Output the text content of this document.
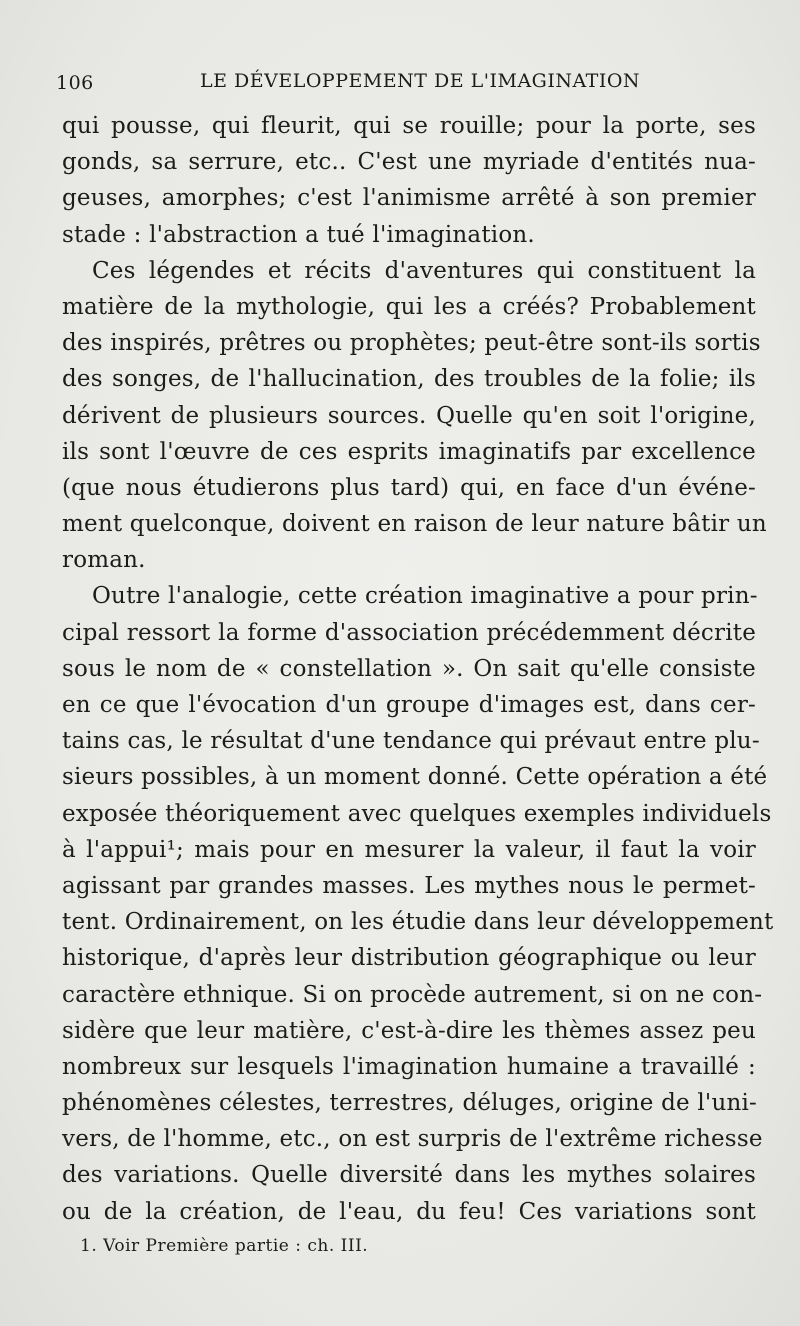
106	LE DÉVELOPPEMENT DE L'IMAGINATION
qui pousse, qui fleurit, qui se rouille; pour la porte, ses
gonds, sa serrure, etc.. C'est une myriade d'entités nua-
geuses, amorphes; c'est l'animisme arrêté à son premier
stade : l'abstraction a tué l'imagination.
Ces légendes et récits d'aventures qui constituent la
matière de la mythologie, qui les a créés? Probablement
des inspirés, prêtres ou prophètes; peut-être sont-ils sortis
des songes, de l'hallucination, des troubles de la folie; ils
dérivent de plusieurs sources. Quelle qu'en soit l'origine,
ils sont l'œuvre de ces esprits imaginatifs par excellence
(que nous étudierons plus tard) qui, en face d'un événe-
ment quelconque, doivent en raison de leur nature bâtir un
roman.
Outre l'analogie, cette création imaginative a pour prin-
cipal ressort la forme d'association précédemment décrite
sous le nom de « constellation ». On sait qu'elle consiste
en ce que l'évocation d'un groupe d'images est, dans cer-
tains cas, le résultat d'une tendance qui prévaut entre plu-
sieurs possibles, à un moment donné. Cette opération a été
exposée théoriquement avec quelques exemples individuels
à l'appui¹; mais pour en mesurer la valeur, il faut la voir
agissant par grandes masses. Les mythes nous le permet-
tent. Ordinairement, on les étudie dans leur développement
historique, d'après leur distribution géographique ou leur
caractère ethnique. Si on procède autrement, si on ne con-
sidère que leur matière, c'est-à-dire les thèmes assez peu
nombreux sur lesquels l'imagination humaine a travaillé :
phénomènes célestes, terrestres, déluges, origine de l'uni-
vers, de l'homme, etc., on est surpris de l'extrême richesse
des variations. Quelle diversité dans les mythes solaires
ou de la création, de l'eau, du feu! Ces variations sont
1. Voir Première partie : ch. III.
